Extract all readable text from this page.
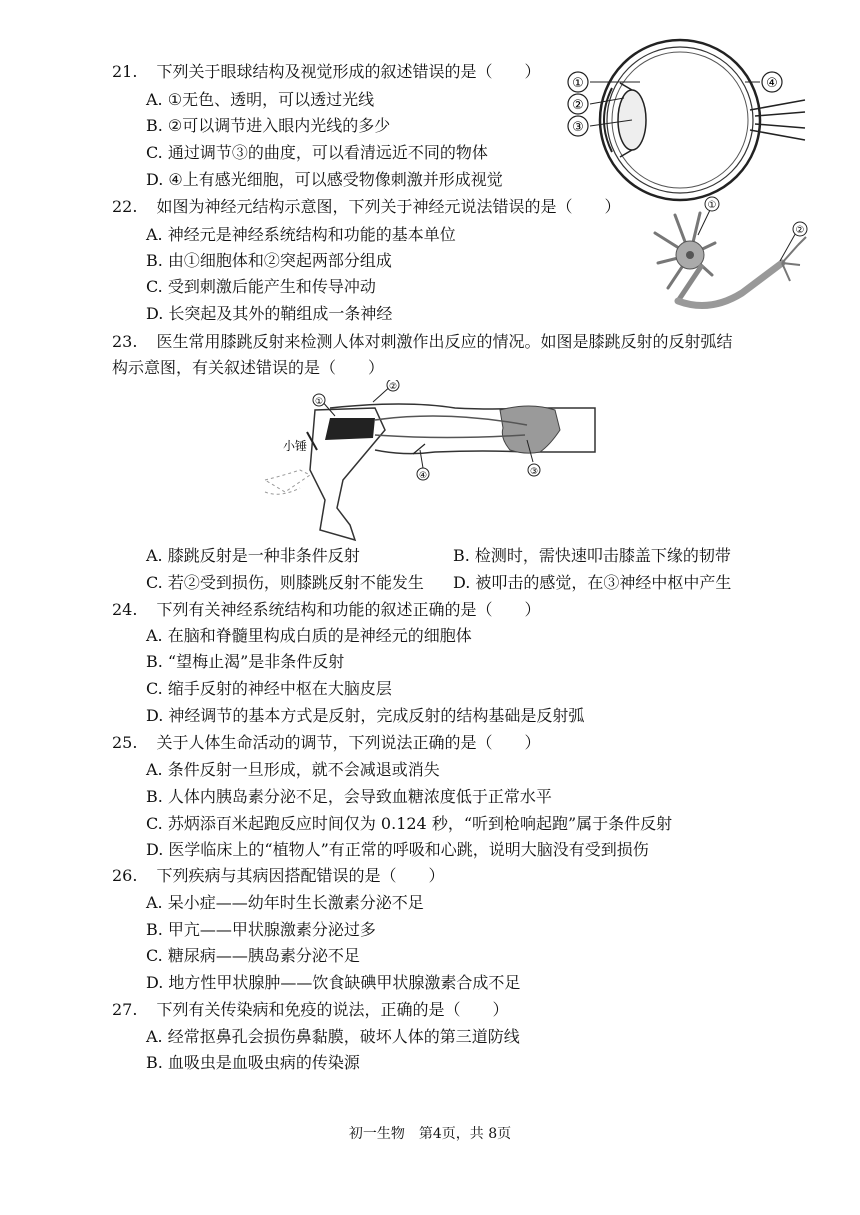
21. 下列关于眼球结构及视觉形成的叙述错误的是（　　）
A. ①无色、透明，可以透过光线
B. ②可以调节进入眼内光线的多少
C. 通过调节③的曲度，可以看清远近不同的物体
D. ④上有感光细胞，可以感受物像刺激并形成视觉
①
②
③
④
22. 如图为神经元结构示意图，下列关于神经元说法错误的是（　　）
A. 神经元是神经系统结构和功能的基本单位
B. 由①细胞体和②突起两部分组成
C. 受到刺激后能产生和传导冲动
D. 长突起及其外的鞘组成一条神经
①
②
23. 医生常用膝跳反射来检测人体对刺激作出反应的情况。如图是膝跳反射的反射弧结
构示意图，有关叙述错误的是（　　）
①
②
③
④
小锤
A. 膝跳反射是一种非条件反射	B. 检测时，需快速叩击膝盖下缘的韧带
C. 若②受到损伤，则膝跳反射不能发生 D. 被叩击的感觉，在③神经中枢中产生
24. 下列有关神经系统结构和功能的叙述正确的是（　　）
A. 在脑和脊髓里构成白质的是神经元的细胞体
B. “望梅止渴”是非条件反射
C. 缩手反射的神经中枢在大脑皮层
D. 神经调节的基本方式是反射，完成反射的结构基础是反射弧
25. 关于人体生命活动的调节，下列说法正确的是（　　）
A. 条件反射一旦形成，就不会减退或消失
B. 人体内胰岛素分泌不足，会导致血糖浓度低于正常水平
C. 苏炳添百米起跑反应时间仅为 0.124 秒，“听到枪响起跑”属于条件反射
D. 医学临床上的“植物人”有正常的呼吸和心跳，说明大脑没有受到损伤
26. 下列疾病与其病因搭配错误的是（　　）
A. 呆小症——幼年时生长激素分泌不足
B. 甲亢——甲状腺激素分泌过多
C. 糖尿病——胰岛素分泌不足
D. 地方性甲状腺肿——饮食缺碘甲状腺激素合成不足
27. 下列有关传染病和免疫的说法，正确的是（　　）
A. 经常抠鼻孔会损伤鼻黏膜，破坏人体的第三道防线
B. 血吸虫是血吸虫病的传染源
初一生物　第4页，共 8页
